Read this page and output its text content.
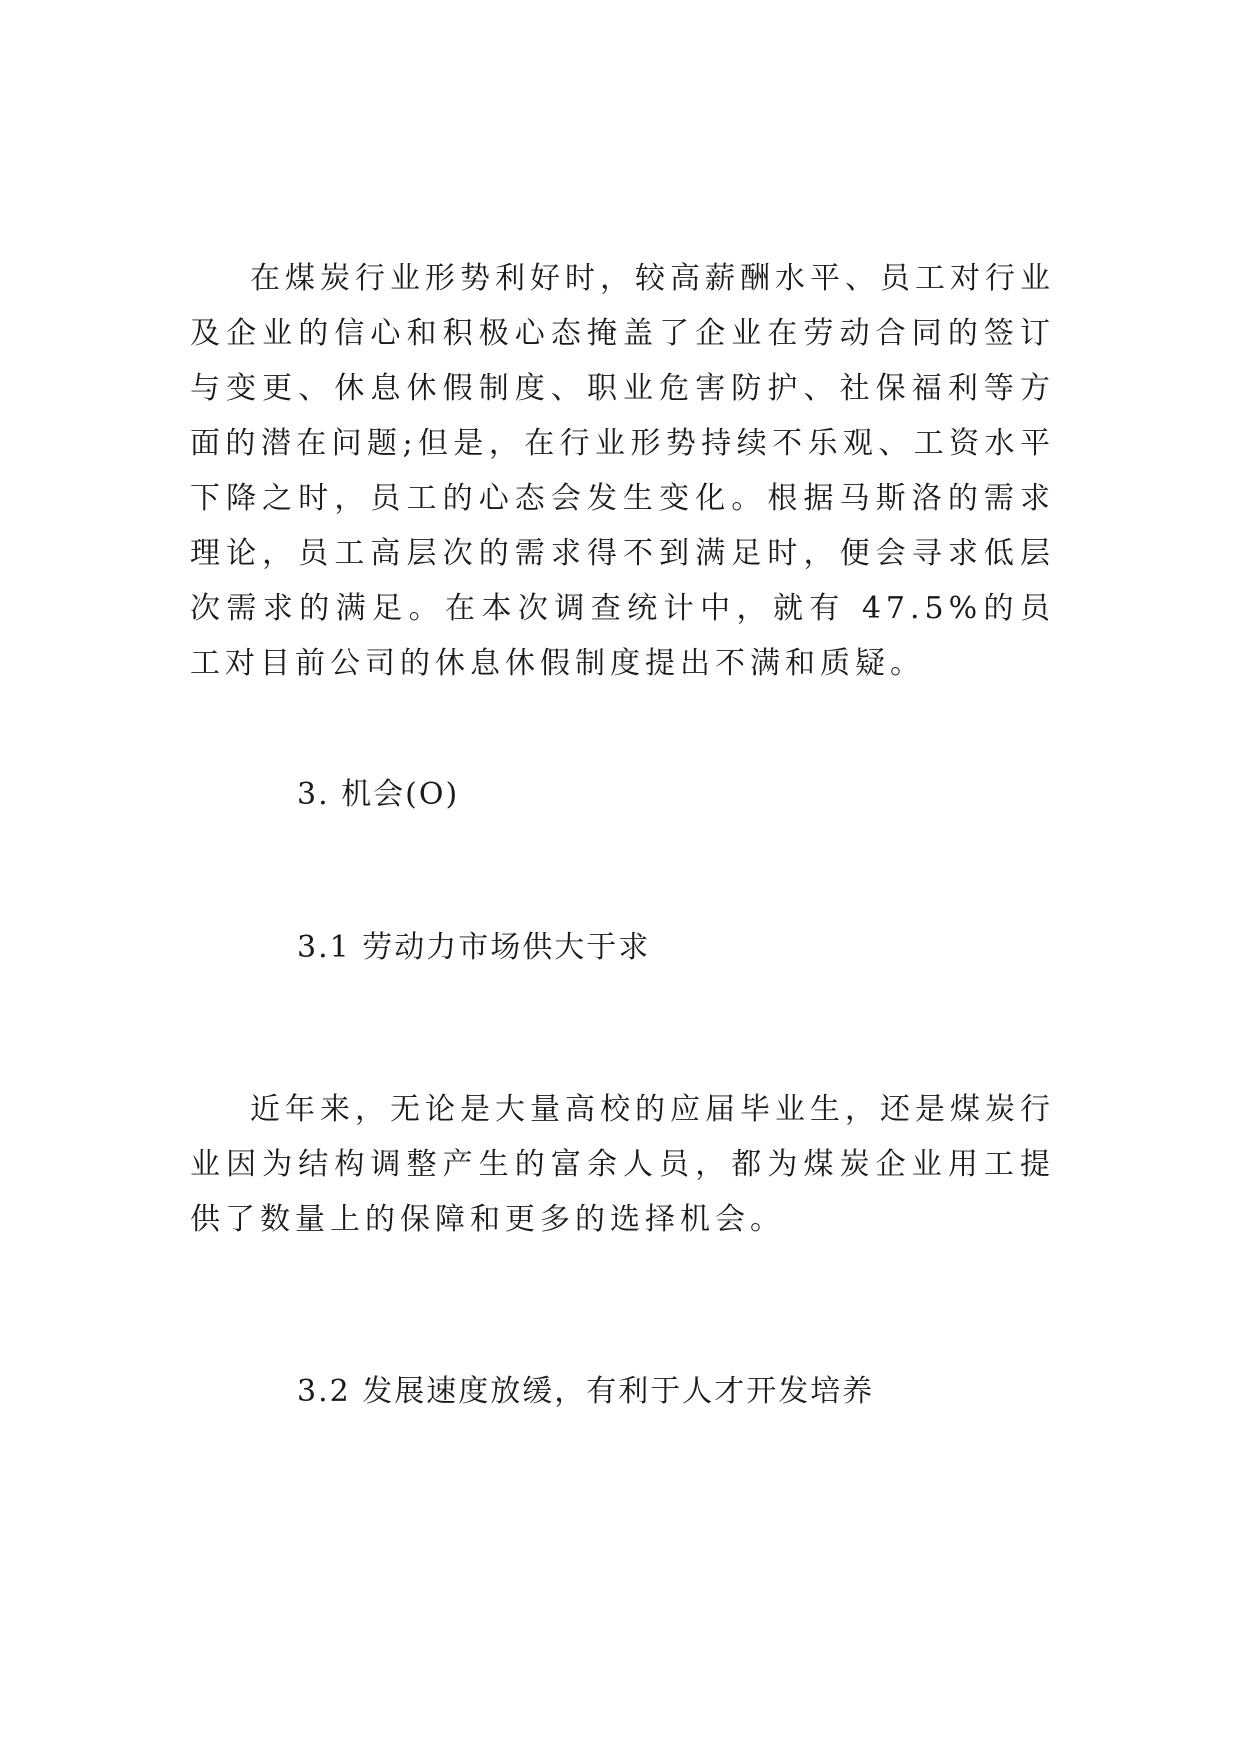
在煤炭行业形势利好时，较高薪酬水平、员工对行业及企业的信心和积极心态掩盖了企业在劳动合同的签订与变更、休息休假制度、职业危害防护、社保福利等方面的潜在问题;但是，在行业形势持续不乐观、工资水平下降之时，员工的心态会发生变化。根据马斯洛的需求理论，员工高层次的需求得不到满足时，便会寻求低层次需求的满足。在本次调查统计中，就有 47.5%的员工对目前公司的休息休假制度提出不满和质疑。

3. 机会(O)

3.1 劳动力市场供大于求

近年来，无论是大量高校的应届毕业生，还是煤炭行业因为结构调整产生的富余人员，都为煤炭企业用工提供了数量上的保障和更多的选择机会。

3.2 发展速度放缓，有利于人才开发培养
